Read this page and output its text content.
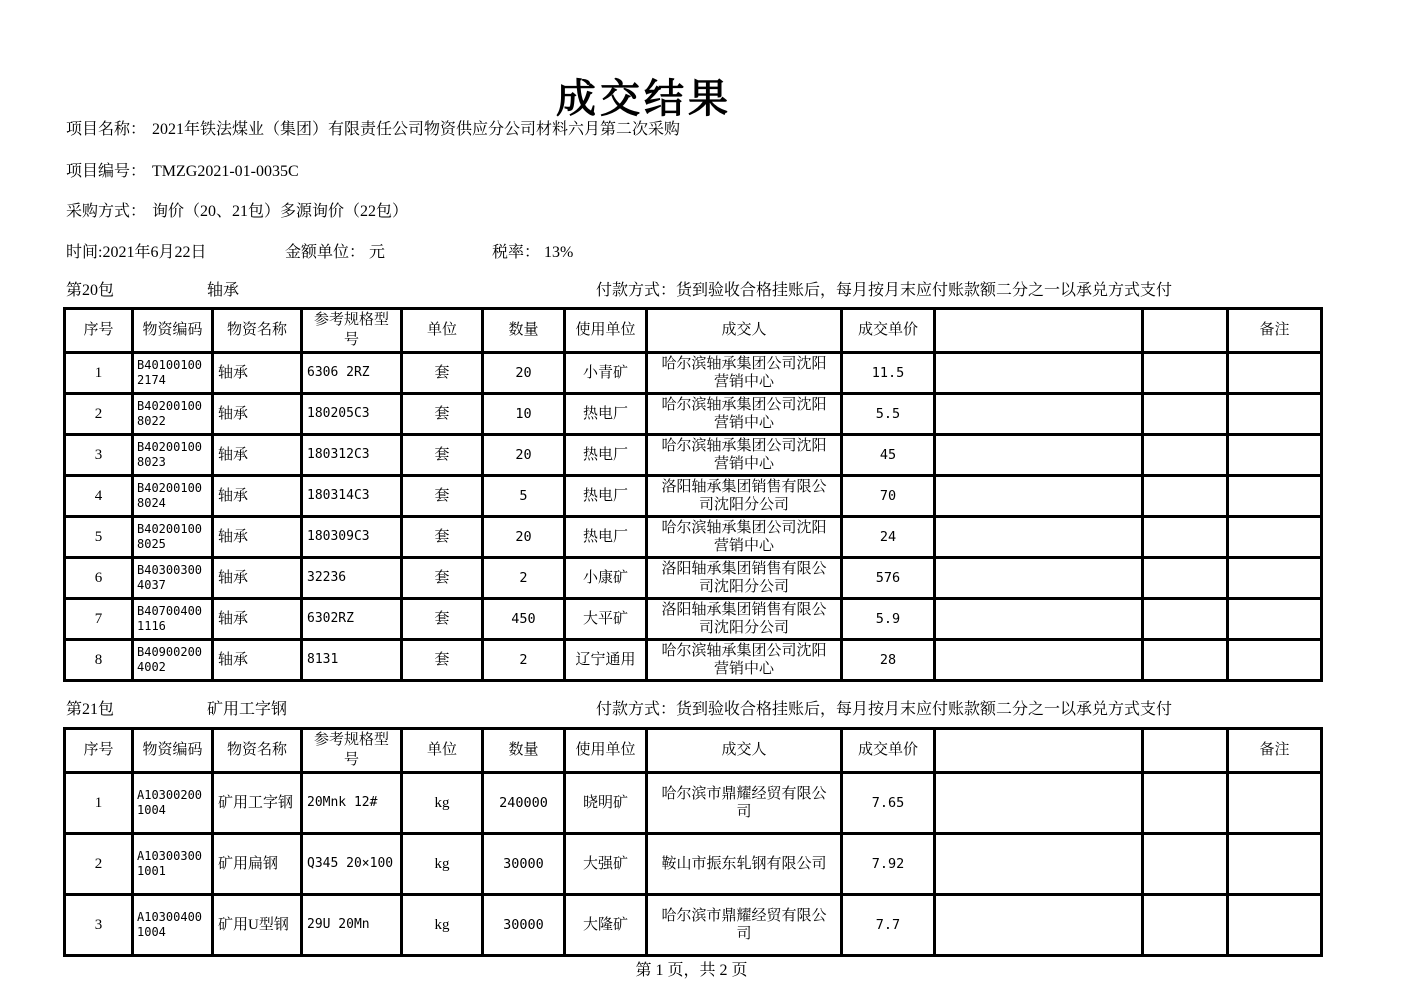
成交结果
项目名称： 2021年铁法煤业（集团）有限责任公司物资供应分公司材料六月第二次采购
项目编号： TMZG2021-01-0035C
采购方式： 询价（20、21包）多源询价（22包）
时间:2021年6月22日	金额单位： 元	税率： 13%
第20包	轴承	付款方式：货到验收合格挂账后，每月按月末应付账款额二分之一以承兑方式支付
序号	物资编码	物资名称	参考规格型号	单位	数量	使用单位	成交人	成交单价			备注
1	B401001002174	轴承	6306 2RZ	套	20	小青矿	哈尔滨轴承集团公司沈阳营销中心	11.5			
2	B402001008022	轴承	180205C3	套	10	热电厂	哈尔滨轴承集团公司沈阳营销中心	5.5			
3	B402001008023	轴承	180312C3	套	20	热电厂	哈尔滨轴承集团公司沈阳营销中心	45			
4	B402001008024	轴承	180314C3	套	5	热电厂	洛阳轴承集团销售有限公司沈阳分公司	70			
5	B402001008025	轴承	180309C3	套	20	热电厂	哈尔滨轴承集团公司沈阳营销中心	24			
6	B403003004037	轴承	32236	套	2	小康矿	洛阳轴承集团销售有限公司沈阳分公司	576			
7	B407004001116	轴承	6302RZ	套	450	大平矿	洛阳轴承集团销售有限公司沈阳分公司	5.9			
8	B409002004002	轴承	8131	套	2	辽宁通用	哈尔滨轴承集团公司沈阳营销中心	28			
第21包	矿用工字钢	付款方式：货到验收合格挂账后，每月按月末应付账款额二分之一以承兑方式支付
序号	物资编码	物资名称	参考规格型号	单位	数量	使用单位	成交人	成交单价			备注
1	A103002001004	矿用工字钢	20Mnk 12#	kg	240000	晓明矿	哈尔滨市鼎耀经贸有限公司	7.65			
2	A103003001001	矿用扁钢	Q345 20×100	kg	30000	大强矿	鞍山市振东轧钢有限公司	7.92			
3	A103004001004	矿用U型钢	29U 20Mn	kg	30000	大隆矿	哈尔滨市鼎耀经贸有限公司	7.7			
第 1 页，共 2 页
